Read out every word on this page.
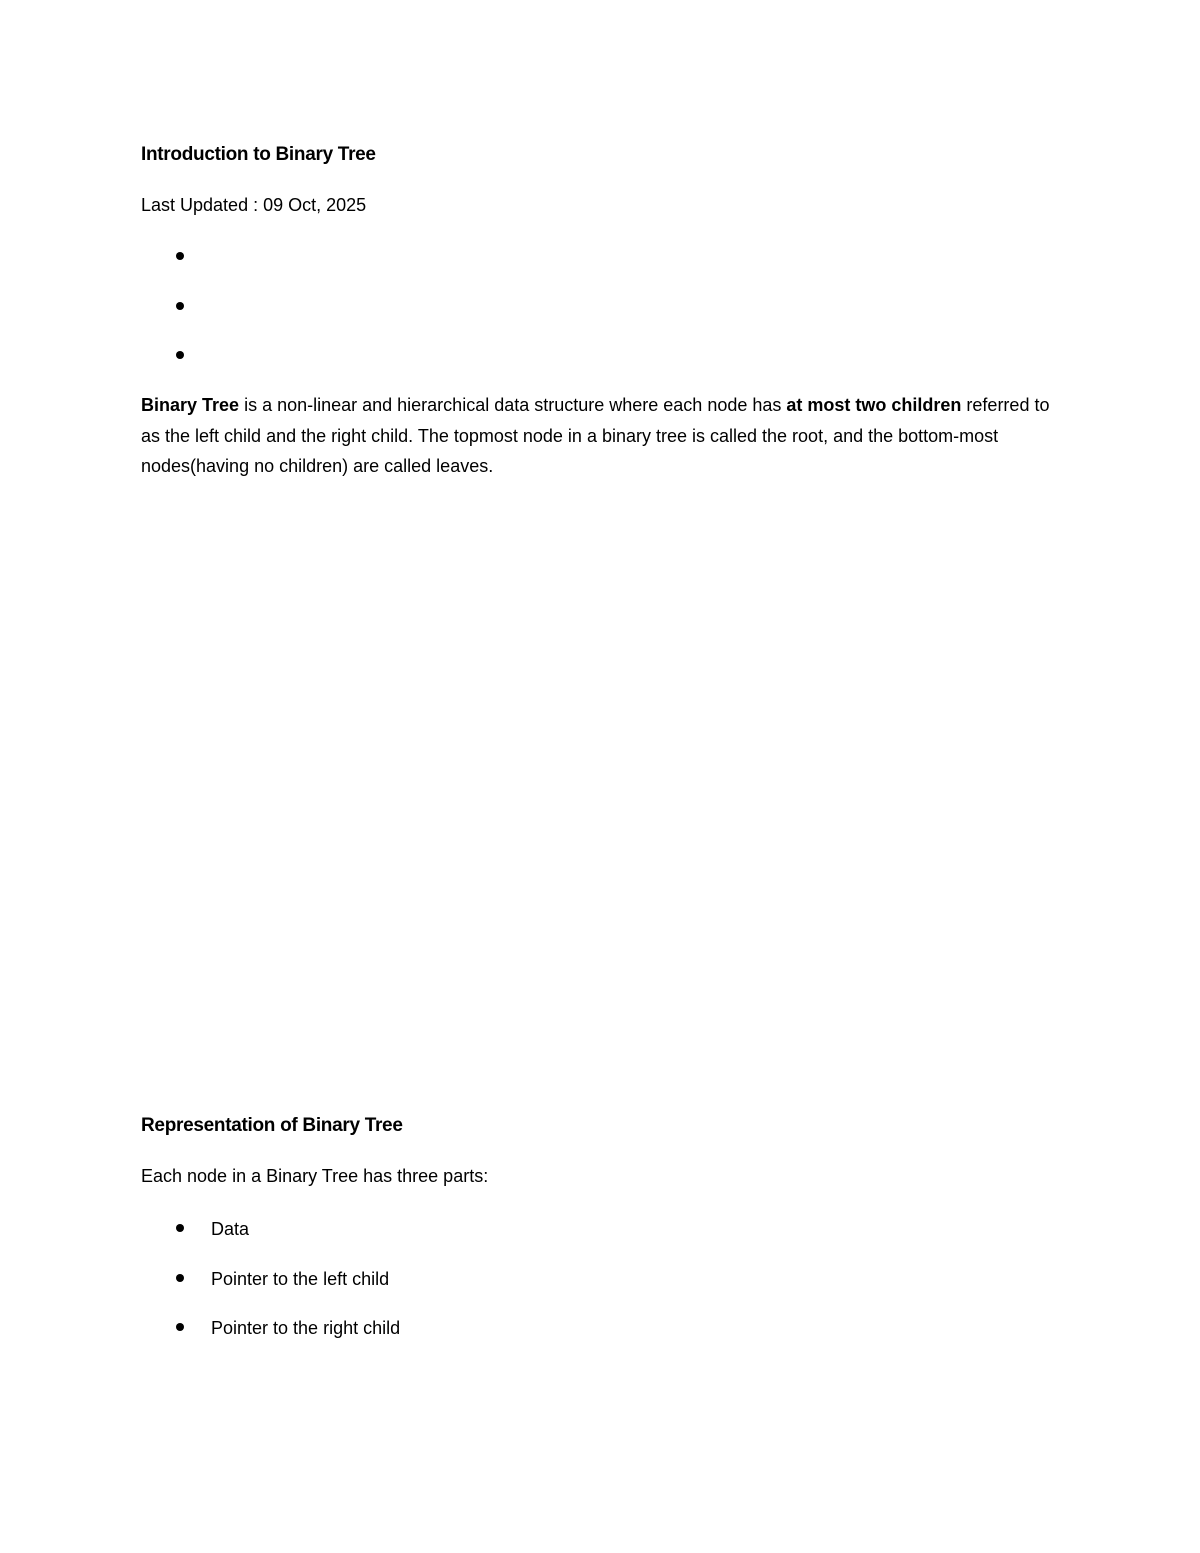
Introduction to Binary Tree
Last Updated : 09 Oct, 2025

Binary Tree is a non-linear and hierarchical data structure where each node has at most two children referred to as the left child and the right child. The topmost node in a binary tree is called the root, and the bottom-most nodes(having no children) are called leaves.

Representation of Binary Tree
Each node in a Binary Tree has three parts:
Data
Pointer to the left child
Pointer to the right child
